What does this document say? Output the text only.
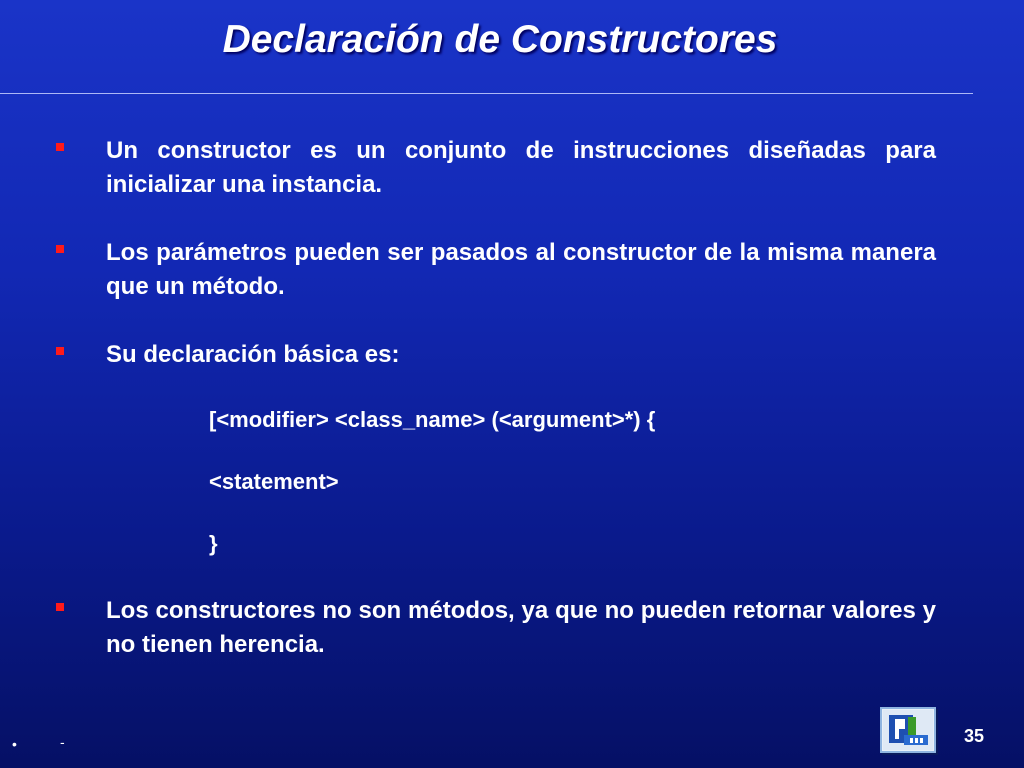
Declaración de Constructores
Un constructor es un conjunto de instrucciones diseñadas para inicializar una instancia.
Los parámetros pueden ser pasados al constructor de la misma manera que un método.
Su declaración básica es:
[<modifier> <class_name> (<argument>*) {
<statement>
}
Los constructores no son métodos, ya que no pueden retornar valores y no tienen herencia.
•	-	35
